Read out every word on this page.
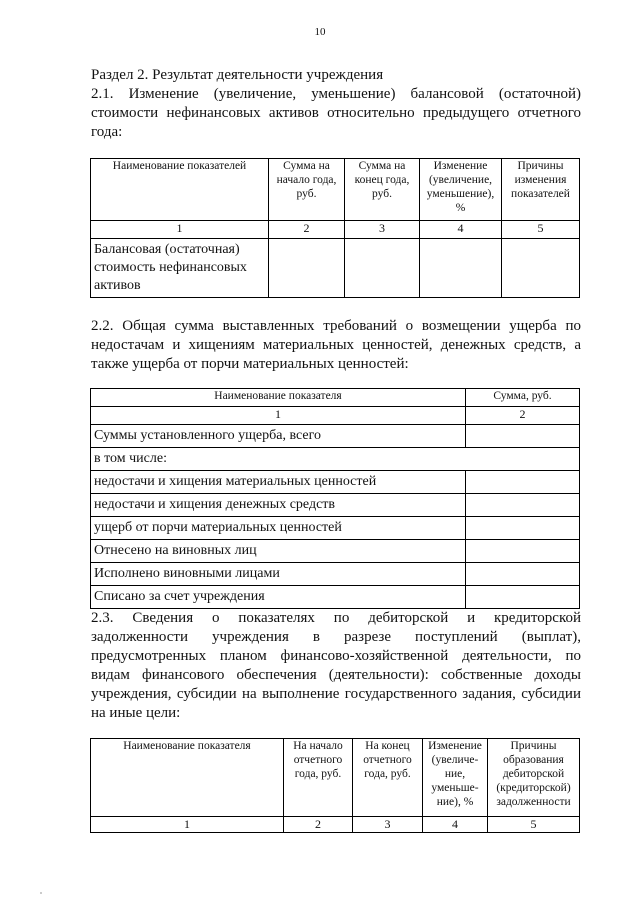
10
Раздел 2. Результат деятельности учреждения
2.1. Изменение (увеличение, уменьшение) балансовой (остаточной)
стоимости нефинансовых активов относительно предыдущего отчетного
года:
Наименование показателей	Сумма на начало года, руб.	Сумма на конец года, руб.	Изменение (увеличение, уменьшение), %	Причины изменения показателей
1	2	3	4	5
Балансовая (остаточная) стоимость нефинансовых активов				
2.2. Общая сумма выставленных требований о возмещении ущерба по
недостачам и хищениям материальных ценностей, денежных средств, а
также ущерба от порчи материальных ценностей:
Наименование показателя	Сумма, руб.
1	2
Суммы установленного ущерба, всего	
в том числе:	
недостачи и хищения материальных ценностей	
недостачи и хищения денежных средств	
ущерб от порчи материальных ценностей	
Отнесено на виновных лиц	
Исполнено виновными лицами	
Списано за счет учреждения	
2.3. Сведения о показателях по дебиторской и кредиторской
задолженности учреждения в разрезе поступлений (выплат),
предусмотренных планом финансово-хозяйственной деятельности, по
видам финансового обеспечения (деятельности): собственные доходы
учреждения, субсидии на выполнение государственного задания, субсидии
на иные цели:
Наименование показателя	На начало отчетного года, руб.	На конец отчетного года, руб.	Изменение (увеличе-ние, уменьше-ние), %	Причины образования дебиторской (кредиторской) задолженности
1	2	3	4	5
